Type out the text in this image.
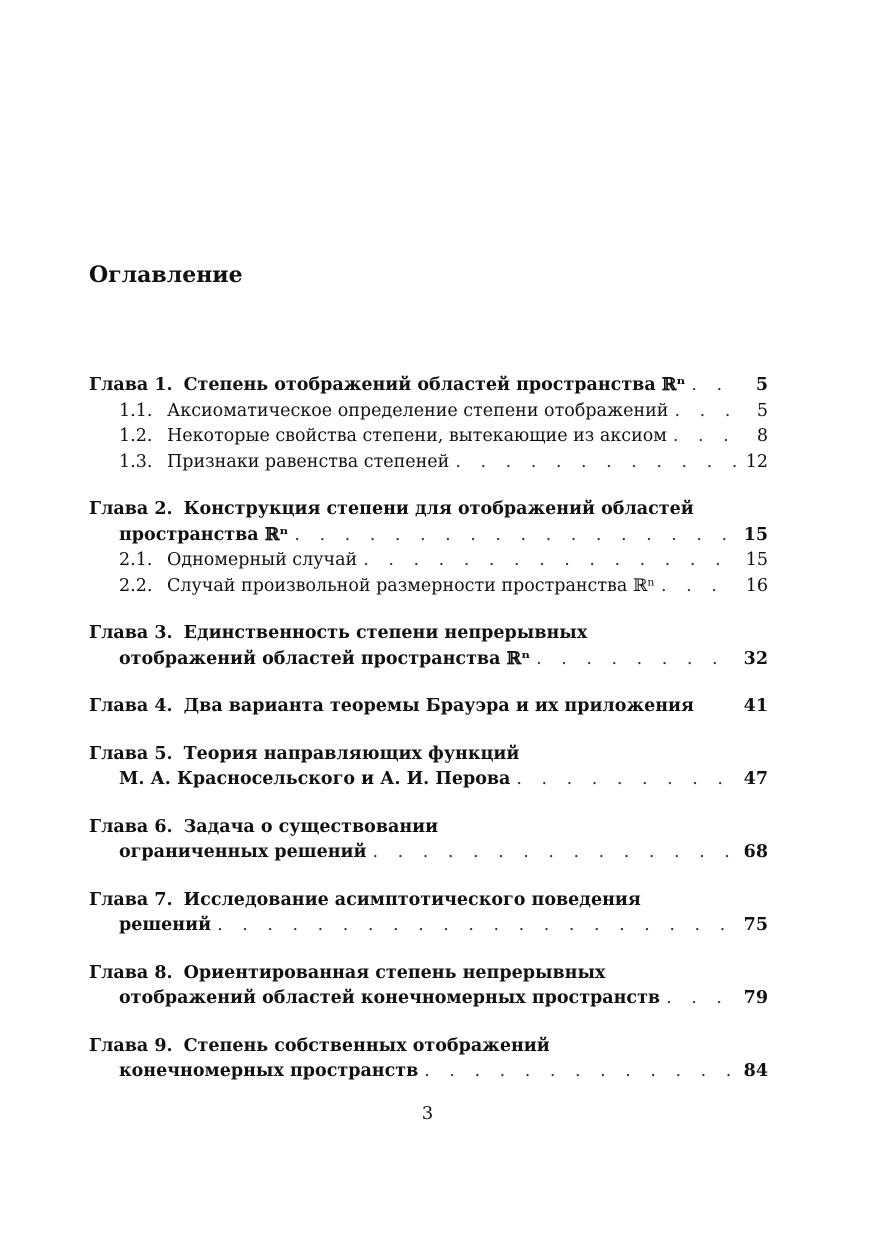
Оглавление
Глава 1. Степень отображений областей пространства ℝⁿ . . .	5
1.1. Аксиоматическое определение степени отображений . . .	5
1.2. Некоторые свойства степени, вытекающие из аксиом . . .	8
1.3. Признаки равенства степеней . . .	12
Глава 2. Конструкция степени для отображений областей
пространства ℝⁿ . . .	15
2.1. Одномерный случай . . .	15
2.2. Случай произвольной размерности пространства ℝⁿ . . .	16
Глава 3. Единственность степени непрерывных
отображений областей пространства ℝⁿ . . .	32
Глава 4. Два варианта теоремы Брауэра и их приложения	41
Глава 5. Теория направляющих функций
М. А. Красносельского и А. И. Перова . . .	47
Глава 6. Задача о существовании
ограниченных решений . . .	68
Глава 7. Исследование асимптотического поведения
решений . . .	75
Глава 8. Ориентированная степень непрерывных
отображений областей конечномерных пространств . . .	79
Глава 9. Степень собственных отображений
конечномерных пространств . . .	84
3
